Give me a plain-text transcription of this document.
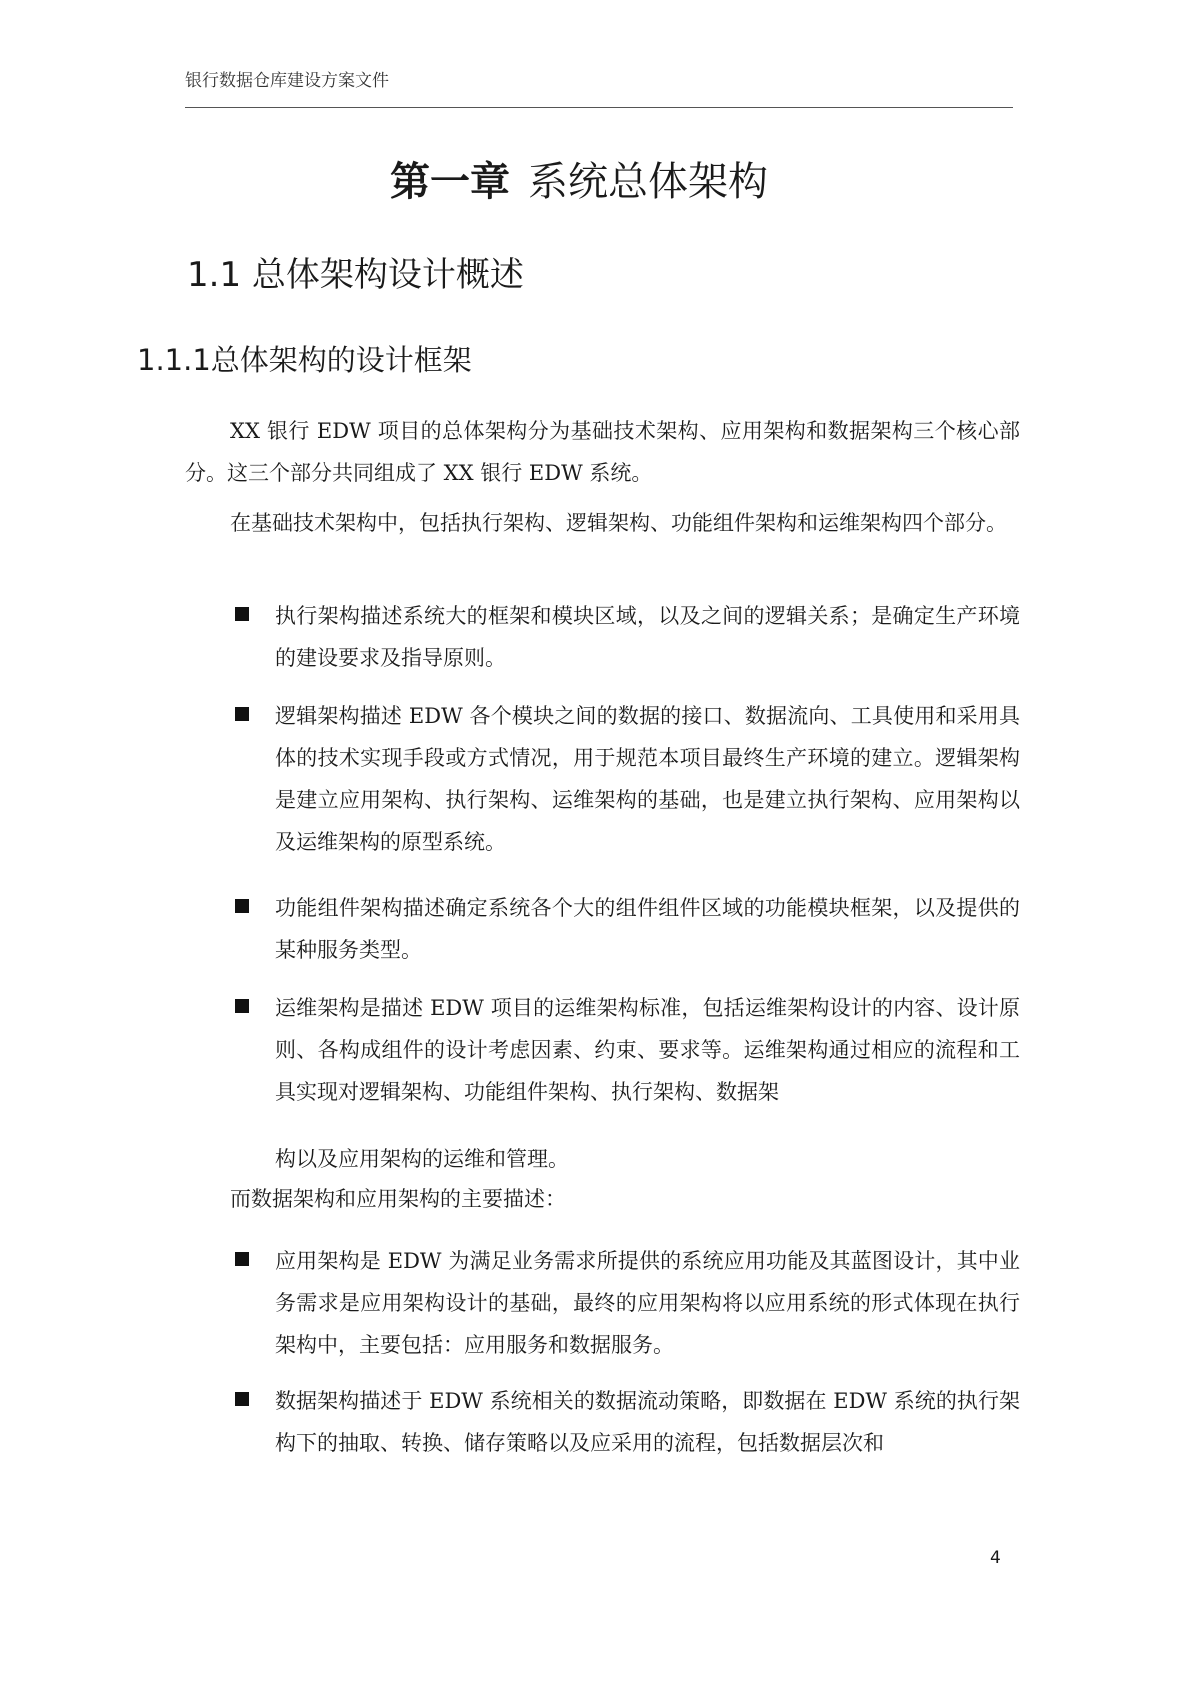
银行数据仓库建设方案文件
第一章 系统总体架构
1.1 总体架构设计概述
1.1.1总体架构的设计框架
XX 银行 EDW 项目的总体架构分为基础技术架构、应用架构和数据架构三个核心部分。这三个部分共同组成了 XX 银行 EDW 系统。
在基础技术架构中，包括执行架构、逻辑架构、功能组件架构和运维架构四个部分。
执行架构描述系统大的框架和模块区域，以及之间的逻辑关系；是确定生产环境的建设要求及指导原则。
逻辑架构描述 EDW 各个模块之间的数据的接口、数据流向、工具使用和采用具体的技术实现手段或方式情况，用于规范本项目最终生产环境的建立。逻辑架构是建立应用架构、执行架构、运维架构的基础，也是建立执行架构、应用架构以及运维架构的原型系统。
功能组件架构描述确定系统各个大的组件组件区域的功能模块框架，以及提供的某种服务类型。
运维架构是描述 EDW 项目的运维架构标准，包括运维架构设计的内容、设计原则、各构成组件的设计考虑因素、约束、要求等。运维架构通过相应的流程和工具实现对逻辑架构、功能组件架构、执行架构、数据架
构以及应用架构的运维和管理。
而数据架构和应用架构的主要描述：
应用架构是 EDW 为满足业务需求所提供的系统应用功能及其蓝图设计，其中业务需求是应用架构设计的基础，最终的应用架构将以应用系统的形式体现在执行架构中，主要包括：应用服务和数据服务。
数据架构描述于 EDW 系统相关的数据流动策略，即数据在 EDW 系统的执行架构下的抽取、转换、储存策略以及应采用的流程，包括数据层次和
4
